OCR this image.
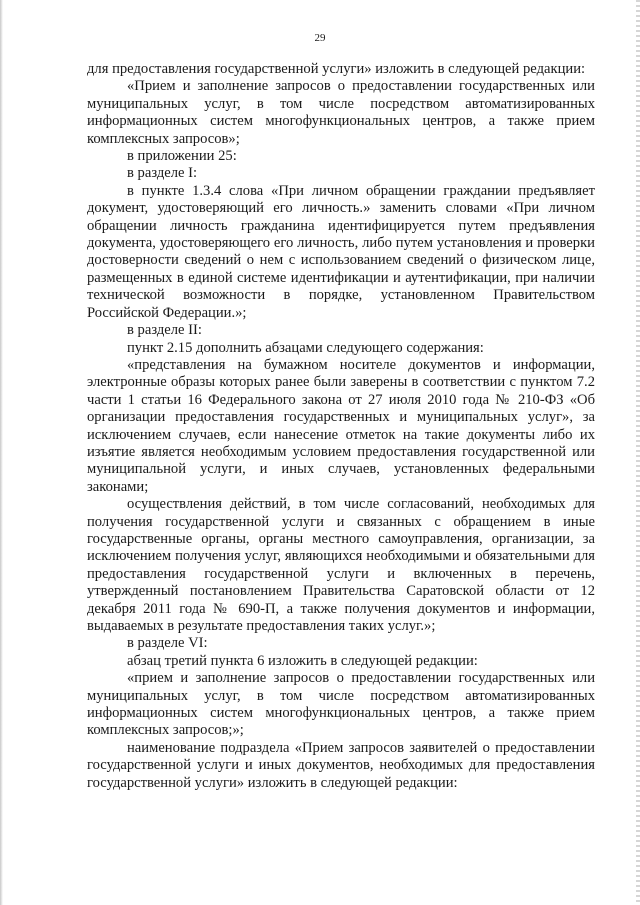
29

для предоставления государственной услуги» изложить в следующей редакции:

«Прием и заполнение запросов о предоставлении государственных или муниципальных услуг, в том числе посредством автоматизированных информационных систем многофункциональных центров, а также прием комплексных запросов»;

в приложении 25:

в разделе I:

в пункте 1.3.4 слова «При личном обращении граждании предъявляет документ, удостоверяющий его личность.» заменить словами «При личном обращении личность гражданина идентифицируется путем предъявления документа, удостоверяющего его личность, либо путем установления и проверки достоверности сведений о нем с использованием сведений о физическом лице, размещенных в единой системе идентификации и аутентификации, при наличии технической возможности в порядке, установленном Правительством Российской Федерации.»;

в разделе II:

пункт 2.15 дополнить абзацами следующего содержания:

«представления на бумажном носителе документов и информации, электронные образы которых ранее были заверены в соответствии с пунктом 7.2 части 1 статьи 16 Федерального закона от 27 июля 2010 года № 210-ФЗ «Об организации предоставления государственных и муниципальных услуг», за исключением случаев, если нанесение отметок на такие документы либо их изъятие является необходимым условием предоставления государственной или муниципальной услуги, и иных случаев, установленных федеральными законами;

осуществления действий, в том числе согласований, необходимых для получения государственной услуги и связанных с обращением в иные государственные органы, органы местного самоуправления, организации, за исключением получения услуг, являющихся необходимыми и обязательными для предоставления государственной услуги и включенных в перечень, утвержденный постановлением Правительства Саратовской области от 12 декабря 2011 года № 690-П, а также получения документов и информации, выдаваемых в результате предоставления таких услуг.»;

в разделе VI:

абзац третий пункта 6 изложить в следующей редакции:

«прием и заполнение запросов о предоставлении государственных или муниципальных услуг, в том числе посредством автоматизированных информационных систем многофункциональных центров, а также прием комплексных запросов;»;

наименование подраздела «Прием запросов заявителей о предоставлении государственной услуги и иных документов, необходимых для предоставления государственной услуги» изложить в следующей редакции:
